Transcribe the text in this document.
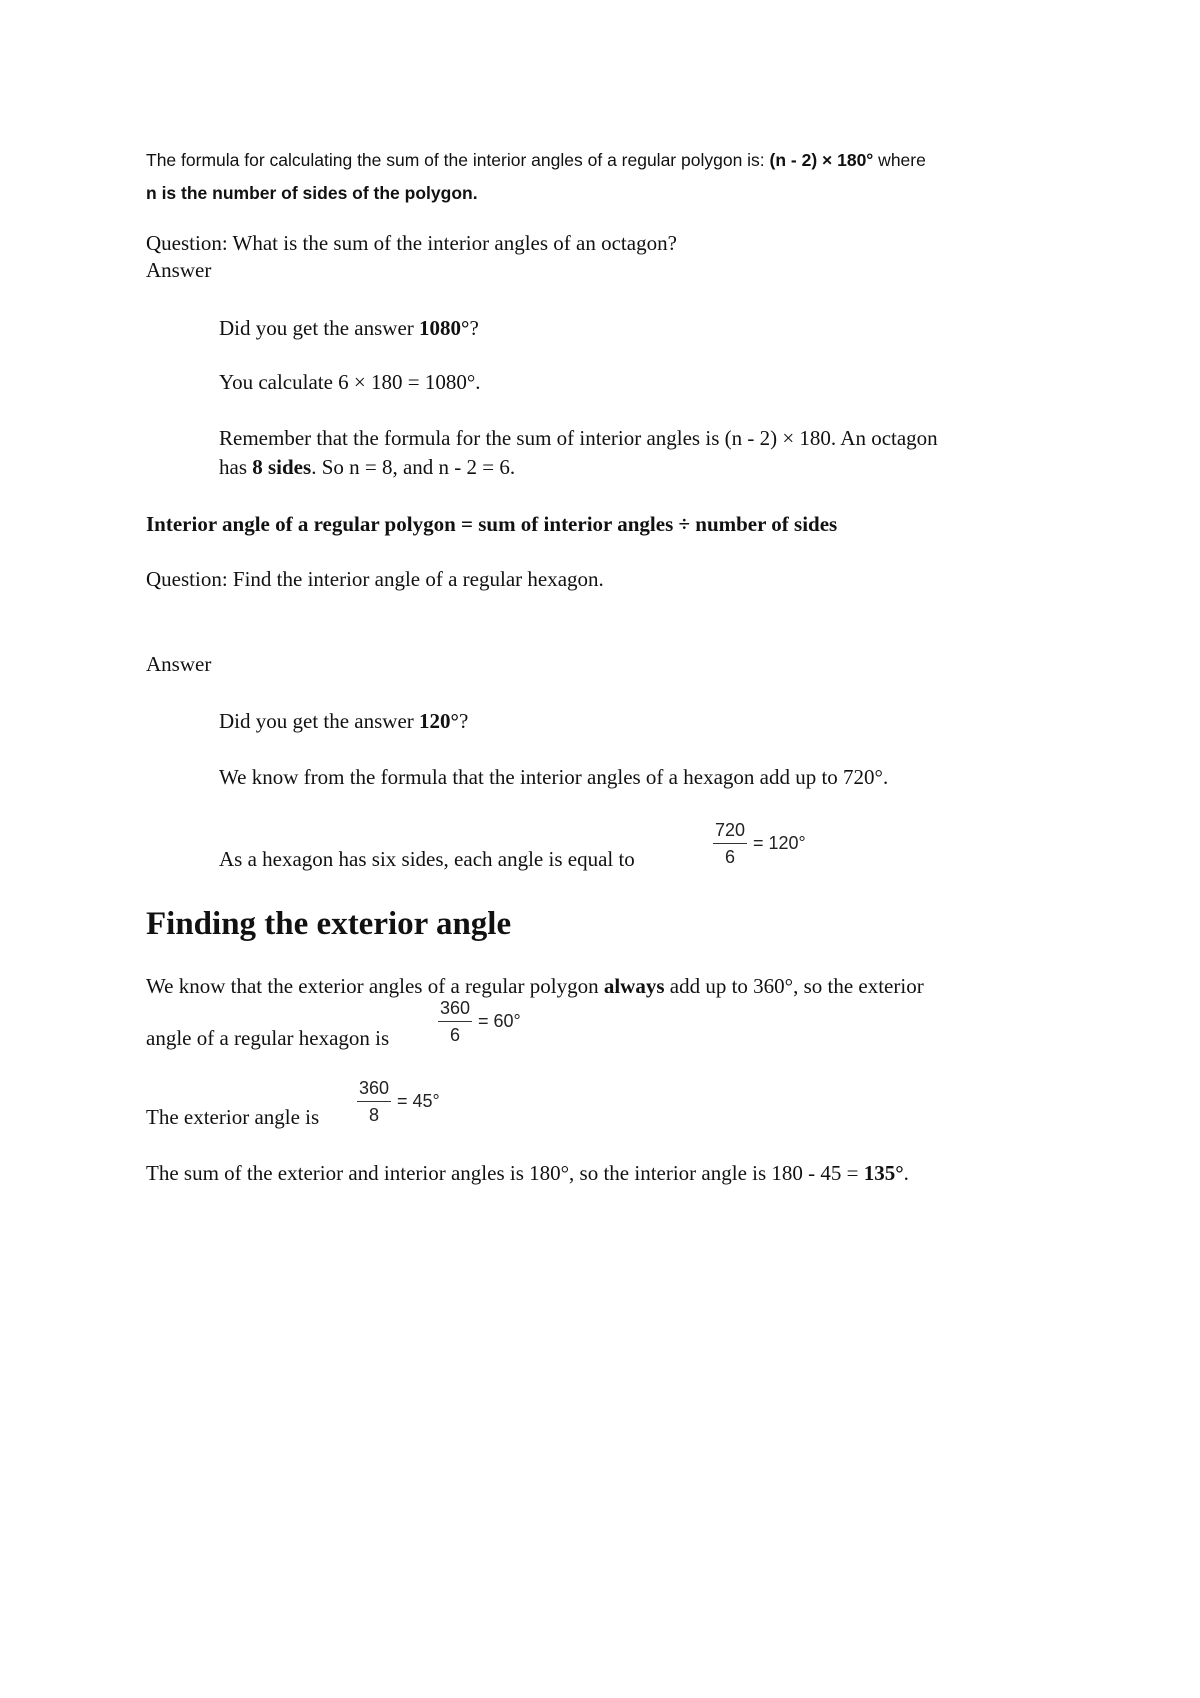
The formula for calculating the sum of the interior angles of a regular polygon is: (n - 2) × 180° where
n is the number of sides of the polygon.
Question: What is the sum of the interior angles of an octagon?
Answer
Did you get the answer 1080°?
You calculate 6 × 180 = 1080°.
Remember that the formula for the sum of interior angles is (n - 2) × 180. An octagon
has 8 sides. So n = 8, and n - 2 = 6.
Interior angle of a regular polygon = sum of interior angles ÷ number of sides
Question: Find the interior angle of a regular hexagon.
Answer
Did you get the answer 120°?
We know from the formula that the interior angles of a hexagon add up to 720°.
As a hexagon has six sides, each angle is equal to
720
6
= 120°
Finding the exterior angle
We know that the exterior angles of a regular polygon always add up to 360°, so the exterior
angle of a regular hexagon is
360
6
= 60°
The exterior angle is
360
8
= 45°
The sum of the exterior and interior angles is 180°, so the interior angle is 180 - 45 = 135°.
